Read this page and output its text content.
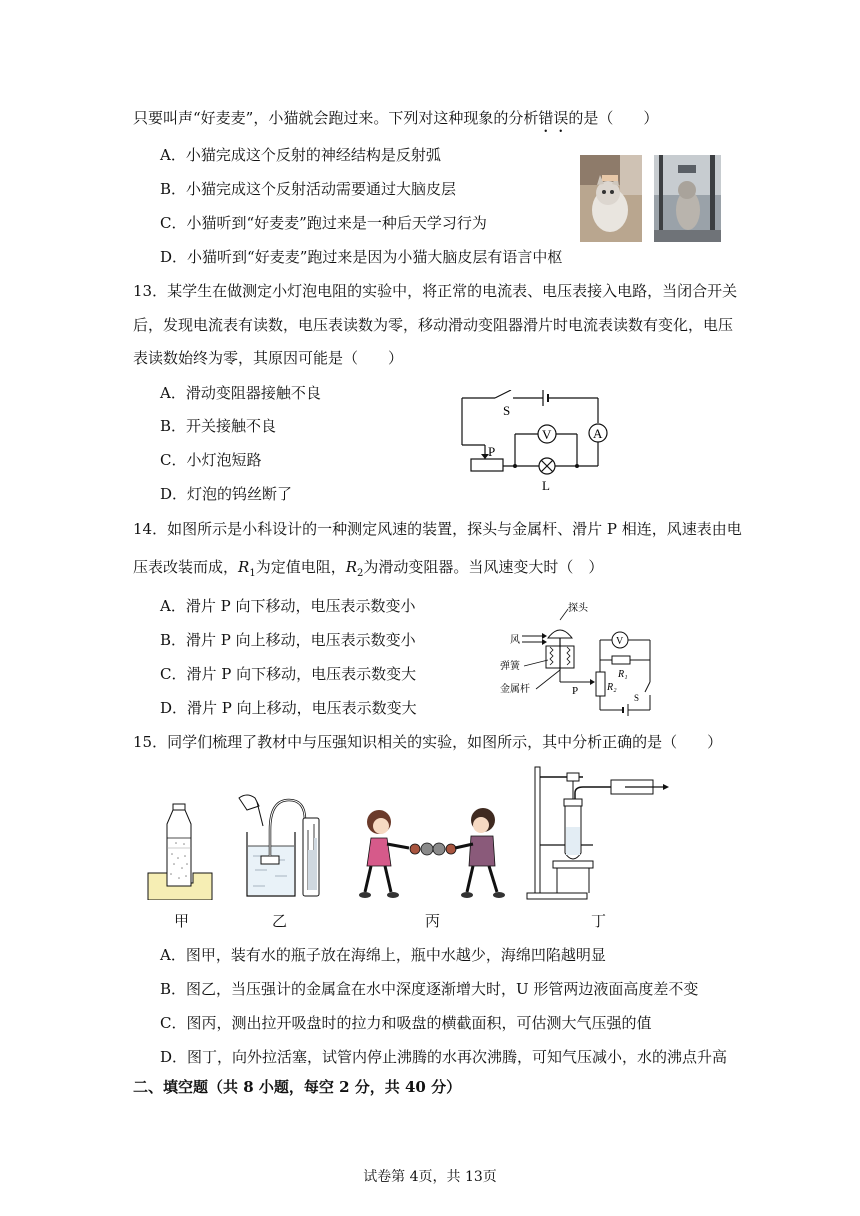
只要叫声“好麦麦”，小猫就会跑过来。下列对这种现象的分析错误的是（　　）
A．小猫完成这个反射的神经结构是反射弧
B．小猫完成这个反射活动需要通过大脑皮层
C．小猫听到“好麦麦”跑过来是一种后天学习行为
D．小猫听到“好麦麦”跑过来是因为小猫大脑皮层有语言中枢
13．某学生在做测定小灯泡电阻的实验中，将正常的电流表、电压表接入电路，当闭合开关
后，发现电流表有读数，电压表读数为零，移动滑动变阻器滑片时电流表读数有变化，电压
表读数始终为零，其原因可能是（　　）
A．滑动变阻器接触不良
B．开关接触不良
C．小灯泡短路
D．灯泡的钨丝断了
S
A
P
V
L
14．如图所示是小科设计的一种测定风速的装置，探头与金属杆、滑片 P 相连，风速表由电
压表改装而成，$R_1$为定值电阻，$R_2$为滑动变阻器。当风速变大时（　）
A．滑片 P 向下移动，电压表示数变小
B．滑片 P 向上移动，电压表示数变小
C．滑片 P 向下移动，电压表示数变大
D．滑片 P 向上移动，电压表示数变大
探头
风
弹簧
金属杆	P	R₂
R₁
S
V
15．同学们梳理了教材中与压强知识相关的实验，如图所示，其中分析正确的是（　　）
甲	乙	丙	丁
A．图甲，装有水的瓶子放在海绵上，瓶中水越少，海绵凹陷越明显
B．图乙，当压强计的金属盒在水中深度逐渐增大时，U 形管两边液面高度差不变
C．图丙，测出拉开吸盘时的拉力和吸盘的横截面积，可估测大气压强的值
D．图丁，向外拉活塞，试管内停止沸腾的水再次沸腾，可知气压减小，水的沸点升高
二、填空题（共 8 小题，每空 2 分，共 40 分）
试卷第 4页，共 13页
